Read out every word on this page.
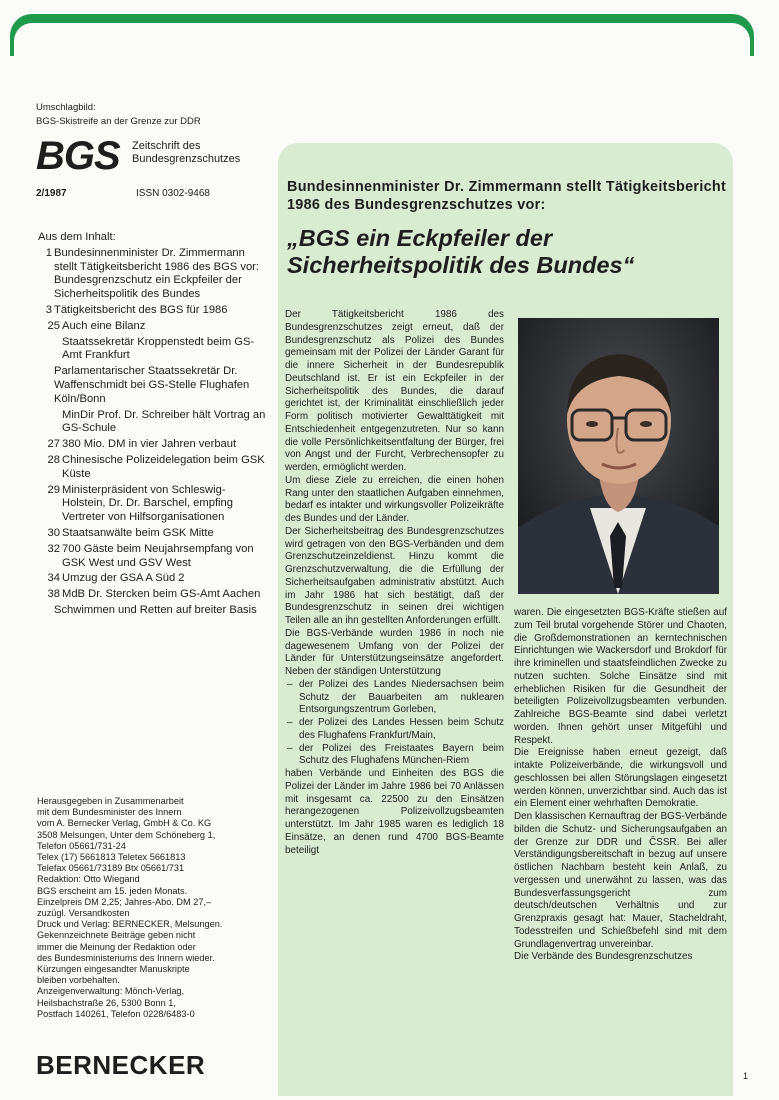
Umschlagbild:
BGS-Skistreife an der Grenze zur DDR
BGS Zeitschrift des
Bundesgrenzschutzes
2/1987	ISSN 0302-9468
Aus dem Inhalt:
1 Bundesinnenminister Dr. Zimmermann stellt Tätigkeitsbericht 1986 des BGS vor: Bundesgrenzschutz ein Eckpfeiler der Sicherheitspolitik des Bundes
3 Tätigkeitsbericht des BGS für 1986
25 Auch eine Bilanz
Staatssekretär Kroppenstedt beim GS-Amt Frankfurt
Parlamentarischer Staatssekretär Dr. Waffenschmidt bei GS-Stelle Flughafen Köln/Bonn
MinDir Prof. Dr. Schreiber hält Vortrag an GS-Schule
27 380 Mio. DM in vier Jahren verbaut
28 Chinesische Polizeidelegation beim GSK Küste
29 Ministerpräsident von Schleswig-Holstein, Dr. Dr. Barschel, empfing Vertreter von Hilfsorganisationen
30 Staatsanwälte beim GSK Mitte
32 700 Gäste beim Neujahrsempfang von GSK West und GSV West
34 Umzug der GSA A Süd 2
38 MdB Dr. Stercken beim GS-Amt Aachen
Schwimmen und Retten auf breiter Basis
Herausgegeben in Zusammenarbeit
mit dem Bundesminister des Innern
vom A. Bernecker Verlag, GmbH & Co. KG
3508 Melsungen, Unter dem Schöneberg 1,
Telefon 05661/731-24
Telex (17) 5661813 Teletex 5661813
Telefax 05661/73189 Btx 05661/731
Redaktion: Otto Wiegand
BGS erscheint am 15. jeden Monats.
Einzelpreis DM 2,25; Jahres-Abo. DM 27,–
zuzügl. Versandkosten
Druck und Verlag: BERNECKER, Melsungen.
Gekennzeichnete Beiträge geben nicht
immer die Meinung der Redaktion oder
des Bundesministeriums des Innern wieder.
Kürzungen eingesandter Manuskripte
bleiben vorbehalten.
Anzeigenverwaltung: Mönch-Verlag,
Heilsbachstraße 26, 5300 Bonn 1,
Postfach 140261, Telefon 0228/6483-0
BERNECKER
Bundesinnenminister Dr. Zimmermann stellt Tätigkeitsbericht 1986 des Bundesgrenzschutzes vor:
„BGS ein Eckpfeiler der Sicherheitspolitik des Bundes“

Der Tätigkeitsbericht 1986 des Bundesgrenzschutzes zeigt erneut, daß der Bundesgrenzschutz als Polizei des Bundes gemeinsam mit der Polizei der Länder Garant für die innere Sicherheit in der Bundesrepublik Deutschland ist. Er ist ein Eckpfeiler in der Sicherheitspolitik des Bundes, die darauf gerichtet ist, der Kriminalität einschließlich jeder Form politisch motivierter Gewalttätigkeit mit Entschiedenheit entgegenzutreten. Nur so kann die volle Persönlichkeitsentfaltung der Bürger, frei von Angst und der Furcht, Verbrechensopfer zu werden, ermöglicht werden.

Um diese Ziele zu erreichen, die einen hohen Rang unter den staatlichen Aufgaben einnehmen, bedarf es intakter und wirkungsvoller Polizeikräfte des Bundes und der Länder.

Der Sicherheitsbeitrag des Bundesgrenzschutzes wird getragen von den BGS-Verbänden und dem Grenzschutzeinzeldienst. Hinzu kommt die Grenzschutzverwaltung, die die Erfüllung der Sicherheitsaufgaben administrativ abstützt. Auch im Jahr 1986 hat sich bestätigt, daß der Bundesgrenzschutz in seinen drei wichtigen Teilen alle an ihn gestellten Anforderungen erfüllt.

Die BGS-Verbände wurden 1986 in noch nie dagewesenem Umfang von der Polizei der Länder für Unterstützungseinsätze angefordert. Neben der ständigen Unterstützung

– der Polizei des Landes Niedersachsen beim Schutz der Bauarbeiten am nuklearen Entsorgungszentrum Gorleben,
– der Polizei des Landes Hessen beim Schutz des Flughafens Frankfurt/Main,
– der Polizei des Freistaates Bayern beim Schutz des Flughafens München-Riem

haben Verbände und Einheiten des BGS die Polizei der Länder im Jahre 1986 bei 70 Anlässen mit insgesamt ca. 22500 zu den Einsätzen herangezogenen Polizeivollzugsbeamten unterstützt. Im Jahr 1985 waren es lediglich 18 Einsätze, an denen rund 4700 BGS-Beamte beteiligt

waren. Die eingesetzten BGS-Kräfte stießen auf zum Teil brutal vorgehende Störer und Chaoten, die Großdemonstrationen an kerntechnischen Einrichtungen wie Wackersdorf und Brokdorf für ihre kriminellen und staatsfeindlichen Zwecke zu nutzen suchten. Solche Einsätze sind mit erheblichen Risiken für die Gesundheit der beteiligten Polizeivollzugsbeamten verbunden. Zahlreiche BGS-Beamte sind dabei verletzt worden. Ihnen gehört unser Mitgefühl und Respekt.

Die Ereignisse haben erneut gezeigt, daß intakte Polizeiverbände, die wirkungsvoll und geschlossen bei allen Störungslagen eingesetzt werden können, unverzichtbar sind. Auch das ist ein Element einer wehrhaften Demokratie.

Den klassischen Kernauftrag der BGS-Verbände bilden die Schutz- und Sicherungsaufgaben an der Grenze zur DDR und ČSSR. Bei aller Verständigungsbereitschaft in bezug auf unsere östlichen Nachbarn besteht kein Anlaß, zu vergessen und unerwähnt zu lassen, was das Bundesverfassungsgericht zum deutsch/deutschen Verhältnis und zur Grenzpraxis gesagt hat: Mauer, Stacheldraht, Todesstreifen und Schießbefehl sind mit dem Grundlagenvertrag unvereinbar.

Die Verbände des Bundesgrenzschutzes

1
